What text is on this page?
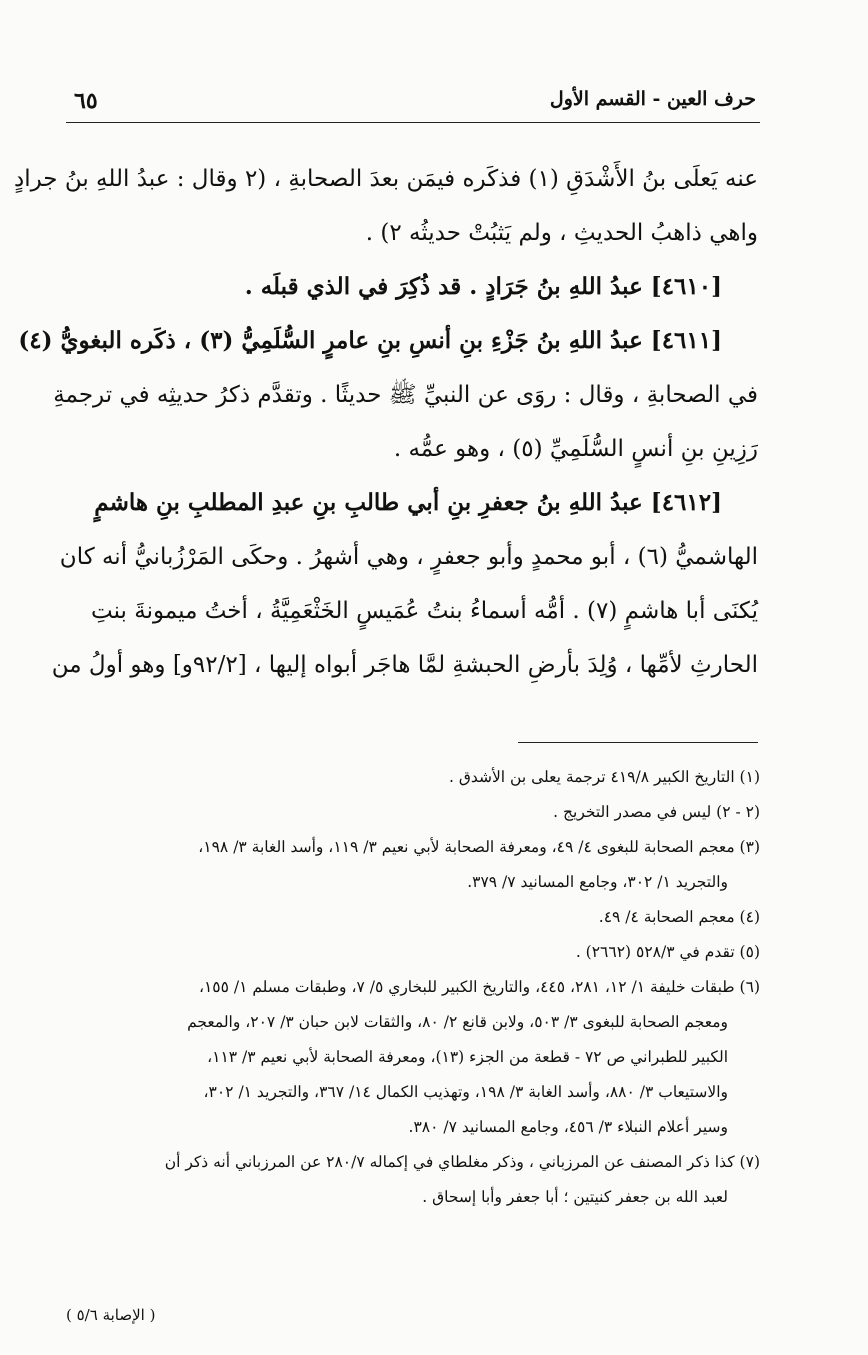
٦٥	حرف العين - القسم الأول
عنه يَعلَى بنُ الأَشْدَقِ (١) فذكَره فيمَن بعدَ الصحابةِ ، (٢ وقال : عبدُ اللهِ بنُ جرادٍ
واهي ذاهبُ الحديثِ ، ولم يَثبُتْ حديثُه ٢) .
[٤٦١٠] عبدُ اللهِ بنُ جَرَادٍ . قد ذُكِرَ في الذي قبلَه .
[٤٦١١] عبدُ اللهِ بنُ جَزْءِ بنِ أنسِ بنِ عامرٍ السُّلَمِيُّ (٣) ، ذكَره البغويُّ (٤)
في الصحابةِ ، وقال : روَى عن النبيِّ ﷺ حديثًا . وتقدَّم ذكرُ حديثِه في ترجمةِ
رَزِينِ بنِ أنسٍ السُّلَمِيِّ (٥) ، وهو عمُّه .
[٤٦١٢] عبدُ اللهِ بنُ جعفرِ بنِ أبي طالبِ بنِ عبدِ المطلبِ بنِ هاشمٍ
الهاشميُّ (٦) ، أبو محمدٍ وأبو جعفرٍ ، وهي أشهرُ . وحكَى المَرْزُبانيُّ أنه كان
يُكنَى أبا هاشمٍ (٧) . أمُّه أسماءُ بنتُ عُمَيسٍ الخَثْعَمِيَّةُ ، أختُ ميمونةَ بنتِ
الحارثِ لأمِّها ، وُلِدَ بأرضِ الحبشةِ لمَّا هاجَر أبواه إليها ، [٩٢/٢و] وهو أولُ من
(١) التاريخ الكبير ٤١٩/٨ ترجمة يعلى بن الأشدق .
(٢ - ٢) ليس في مصدر التخريج .
(٣) معجم الصحابة للبغوى ٤/ ٤٩، ومعرفة الصحابة لأبي نعيم ٣/ ١١٩، وأسد الغابة ٣/ ١٩٨،
والتجريد ١/ ٣٠٢، وجامع المسانيد ٧/ ٣٧٩.
(٤) معجم الصحابة ٤/ ٤٩.
(٥) تقدم في ٥٢٨/٣ (٢٦٦٢) .
(٦) طبقات خليفة ١/ ١٢، ٢٨١، ٤٤٥، والتاريخ الكبير للبخاري ٥/ ٧، وطبقات مسلم ١/ ١٥٥،
ومعجم الصحابة للبغوى ٣/ ٥٠٣، ولابن قانع ٢/ ٨٠، والثقات لابن حبان ٣/ ٢٠٧، والمعجم
الكبير للطبراني ص ٧٢ - قطعة من الجزء (١٣)، ومعرفة الصحابة لأبي نعيم ٣/ ١١٣،
والاستيعاب ٣/ ٨٨٠، وأسد الغابة ٣/ ١٩٨، وتهذيب الكمال ١٤/ ٣٦٧، والتجريد ١/ ٣٠٢،
وسير أعلام النبلاء ٣/ ٤٥٦، وجامع المسانيد ٧/ ٣٨٠.
(٧) كذا ذكر المصنف عن المرزباني ، وذكر مغلطاي في إكماله ٢٨٠/٧ عن المرزباني أنه ذكر أن
لعبد الله بن جعفر كنيتين ؛ أبا جعفر وأبا إسحاق .
( الإصابة ٥/٦ )
